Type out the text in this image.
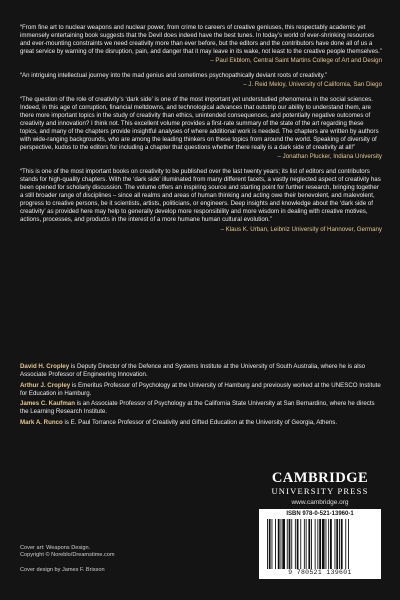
“From fine art to nuclear weapons and nuclear power, from crime to careers of creative geniuses, this respectably academic yet immensely entertaining book suggests that the Devil does indeed have the best tunes. In today’s world of ever-shrinking resources and ever-mounting constraints we need creativity more than ever before, but the editors and the contributors have done all of us a great service by warning of the disruption, pain, and danger that it may leave in its wake, not least to the creative people themselves.”
– Paul Ekblom, Central Saint Martins College of Art and Design

“An intriguing intellectual journey into the mad genius and sometimes psychopathically deviant roots of creativity.”
– J. Reid Meloy, University of California, San Diego

“The question of the role of creativity’s ‘dark side’ is one of the most important yet understudied phenomena in the social sciences. Indeed, in this age of corruption, financial meltdowns, and technological advances that outstrip our ability to understand them, are there more important topics in the study of creativity than ethics, unintended consequences, and potentially negative outcomes of creativity and innovation? I think not. This excellent volume provides a first-rate summary of the state of the art regarding these topics, and many of the chapters provide insightful analyses of where additional work is needed. The chapters are written by authors with wide-ranging backgrounds, who are among the leading thinkers on these topics from around the world. Speaking of diversity of perspective, kudos to the editors for including a chapter that questions whether there really is a dark side of creativity at all!”
– Jonathan Plucker, Indiana University

“This is one of the most important books on creativity to be published over the last twenty years; its list of editors and contributors stands for high-quality chapters. With the ‘dark side’ illuminated from many different facets, a vastly neglected aspect of creativity has been opened for scholarly discussion. The volume offers an inspiring source and starting point for further research, bringing together a still broader range of disciplines – since all realms and areas of human thinking and acting owe their benevolent, and malevolent, progress to creative persons, be it scientists, artists, politicians, or engineers. Deep insights and knowledge about the ‘dark side of creativity’ as provided here may help to generally develop more responsibility and more wisdom in dealing with creative motives, actions, processes, and products in the interest of a more humane human cultural evolution.”
– Klaus K. Urban, Leibniz University of Hannover, Germany

David H. Cropley is Deputy Director of the Defence and Systems Institute at the University of South Australia, where he is also Associate Professor of Engineering Innovation.

Arthur J. Cropley is Emeritus Professor of Psychology at the University of Hamburg and previously worked at the UNESCO Institute for Education in Hamburg.

James C. Kaufman is an Associate Professor of Psychology at the California State University at San Bernardino, where he directs the Learning Research Institute.

Mark A. Runco is E. Paul Torrance Professor of Creativity and Gifted Education at the University of Georgia, Athens.

CAMBRIDGE
UNIVERSITY PRESS
www.cambridge.org
ISBN 978-0-521-13960-1
9 780521 139601
Cover art: Weapons Design.
Copyright © Noreblo/Dreamstime.com
Cover design by James F. Brisson
